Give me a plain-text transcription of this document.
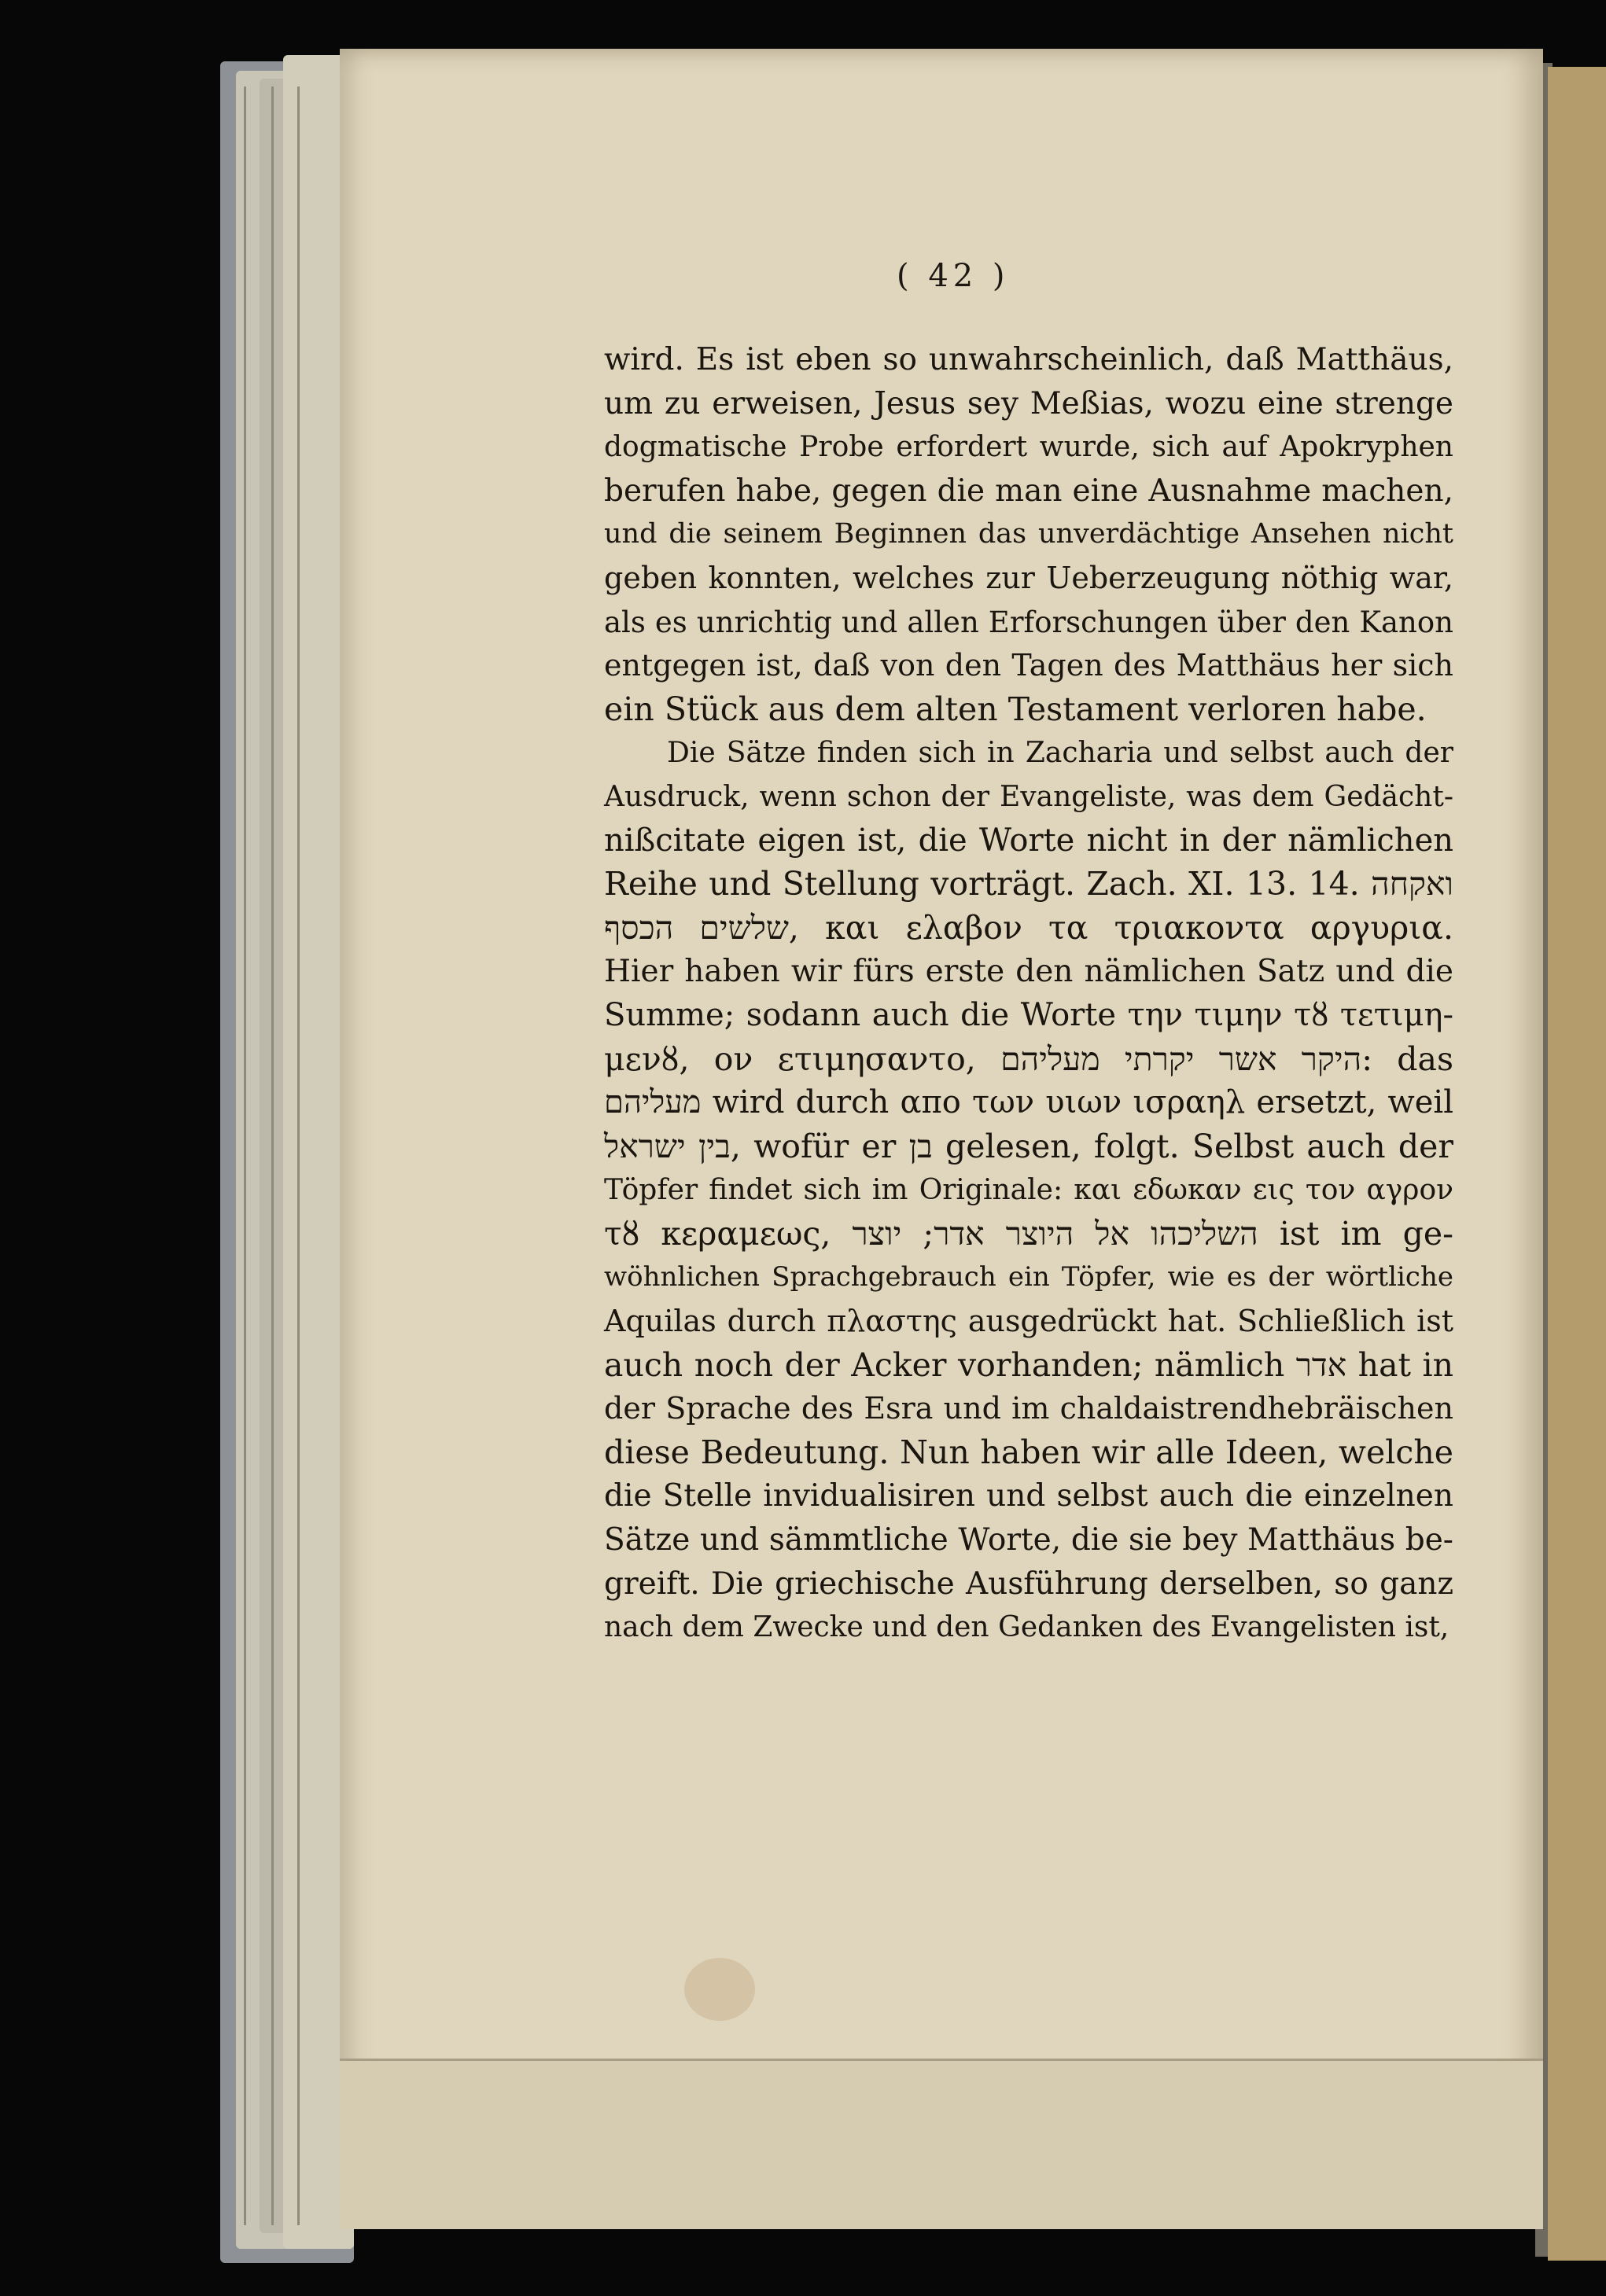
( 42 )
wird. Es ist eben so unwahrscheinlich, daß Matthäus,
um zu erweisen, Jesus sey Meßias, wozu eine strenge
dogmatische Probe erfordert wurde, sich auf Apokryphen
berufen habe, gegen die man eine Ausnahme machen,
und die seinem Beginnen das unverdächtige Ansehen nicht
geben konnten, welches zur Ueberzeugung nöthig war,
als es unrichtig und allen Erforschungen über den Kanon
entgegen ist, daß von den Tagen des Matthäus her sich
ein Stück aus dem alten Testament verloren habe.
Die Sätze finden sich in Zacharia und selbst auch der
Ausdruck, wenn schon der Evangeliste, was dem Gedächt-
nißcitate eigen ist, die Worte nicht in der nämlichen
Reihe und Stellung vorträgt. Zach. XI. 13. 14. ואקחה
שלשים הכסף, και ελαβον τα τριακοντα αργυρια.
Hier haben wir fürs erste den nämlichen Satz und die
Summe; sodann auch die Worte την τιμην τȣ τετιμη-
μενȣ, ον ετιμησαντο, היקר אשר יקרתי מעליהם: das
מעליהם wird durch απο των υιων ισραηλ ersetzt, weil
בין ישראל, wofür er בן gelesen, folgt. Selbst auch der
Töpfer findet sich im Originale: και εδωκαν εις τον αγρον
τȣ κεραμεως, השליכהו אל היוצר אדר; יוצר ist im ge-
wöhnlichen Sprachgebrauch ein Töpfer, wie es der wörtliche
Aquilas durch πλαστης ausgedrückt hat. Schließlich ist
auch noch der Acker vorhanden; nämlich אדר hat in
der Sprache des Esra und im chaldaistrendhebräischen
diese Bedeutung. Nun haben wir alle Ideen, welche
die Stelle invidualisiren und selbst auch die einzelnen
Sätze und sämmtliche Worte, die sie bey Matthäus be-
greift. Die griechische Ausführung derselben, so ganz
nach dem Zwecke und den Gedanken des Evangelisten ist,
